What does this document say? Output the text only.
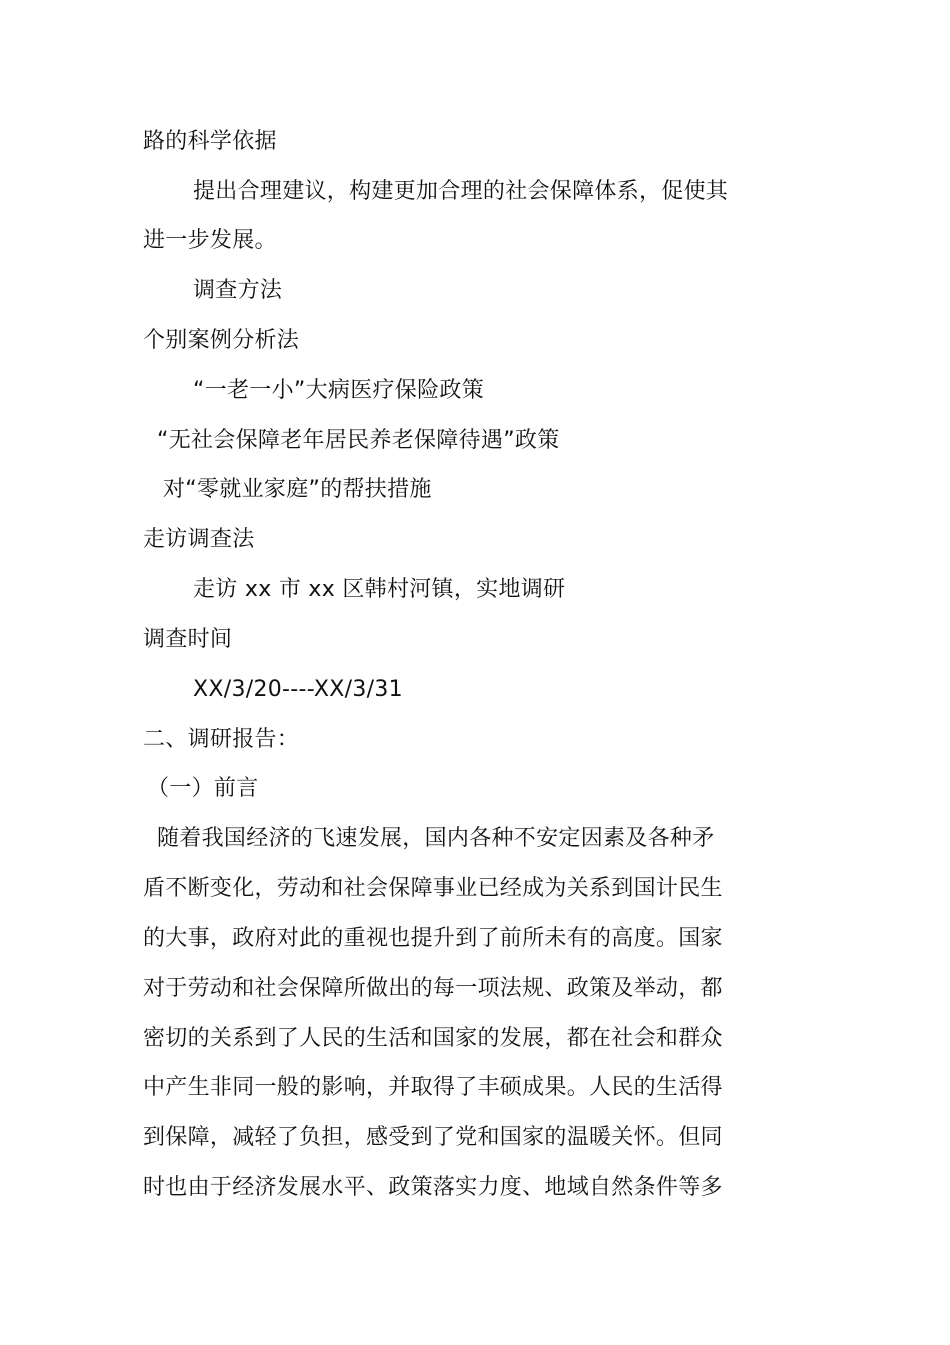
路的科学依据
提出合理建议，构建更加合理的社会保障体系，促使其
进一步发展。
调查方法
个别案例分析法
“一老一小”大病医疗保险政策
“无社会保障老年居民养老保障待遇”政策
对“零就业家庭”的帮扶措施
走访调查法
走访 xx 市 xx 区韩村河镇，实地调研
调查时间
XX/3/20----XX/3/31
二、调研报告：
（一）前言
随着我国经济的飞速发展，国内各种不安定因素及各种矛
盾不断变化，劳动和社会保障事业已经成为关系到国计民生
的大事，政府对此的重视也提升到了前所未有的高度。国家
对于劳动和社会保障所做出的每一项法规、政策及举动，都
密切的关系到了人民的生活和国家的发展，都在社会和群众
中产生非同一般的影响，并取得了丰硕成果。人民的生活得
到保障，减轻了负担，感受到了党和国家的温暖关怀。但同
时也由于经济发展水平、政策落实力度、地域自然条件等多
